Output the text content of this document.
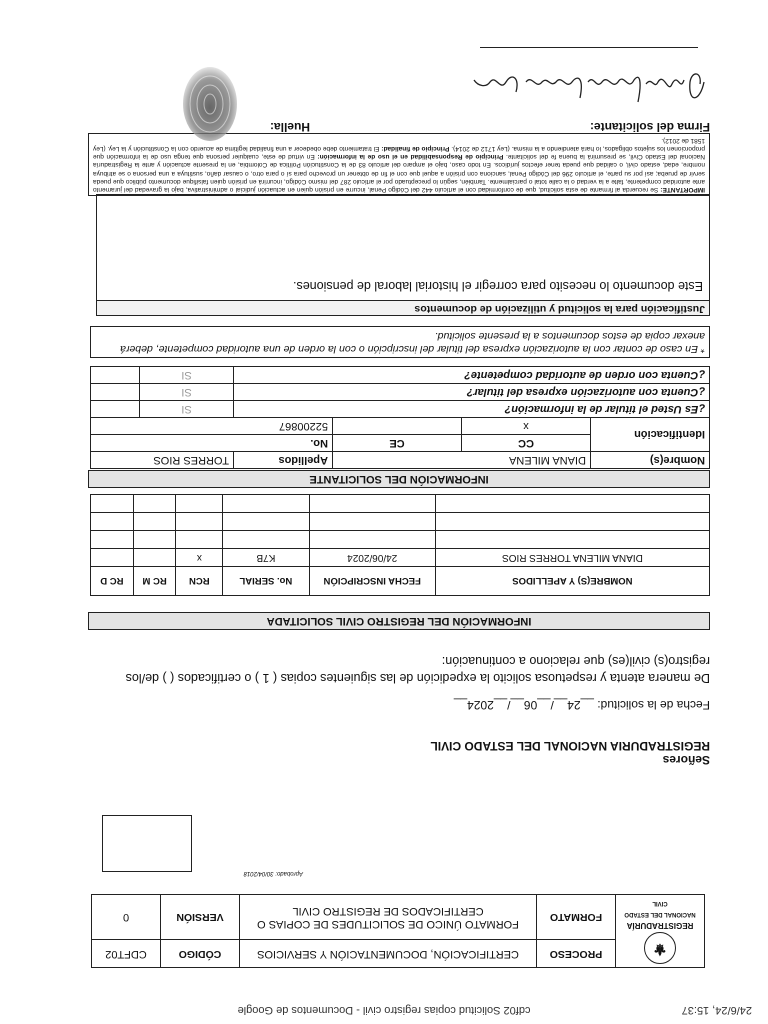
24/6/24, 15:37
cdf02 Solicitud copias registro civil - Documentos de Google
⚜
REGISTRADURÍA
NACIONAL DEL ESTADO CIVIL	PROCESO	CERTIFICACIÓN, DOCUMENTACIÓN Y SERVICIOS	CÓDIGO	CDFT02
	FORMATO	FORMATO ÚNICO DE SOLICITUDES DE COPIAS O CERTIFICADOS DE REGISTRO CIVIL	VERSIÓN	0
Aprobado: 30/04/2018
Señores
REGISTRADURIA NACIONAL DEL ESTADO CIVIL
Fecha de la solicitud: __24__/__06__/__2024__
De manera atenta y respetuosa solicito la expedición de las siguientes copias ( 1 ) o certificados ( ) de/los registro(s) civil(es) que relaciono a continuación:
INFORMACIÓN DEL REGISTRO CIVIL SOLICITADA
NOMBRE(S) Y APELLIDOS	FECHA INSCRIPCIÓN	No. SERIAL	RCN	RC M	RC D
DIANA MILENA TORRES RIOS	24/06/2024	K7B	x		

INFORMACIÓN DEL SOLICITANTE
Nombre(s)	DIANA MILENA		Apellidos	TORRES RIOS	
Identificación	CC	CE	No.		
	x		52200867		
¿Es Usted el titular de la información?				SI	
¿Cuenta con autorización expresa del titular?				SI	
¿Cuenta con orden de autoridad competente?				SI	
* En caso de contar con la autorización expresa del titular del inscripción o con la orden de una autoridad competente, deberá anexar copia de estos documentos a la presente solicitud.
Justificación para la solicitud y utilización de documentos
Este documento lo necesito para corregir el historial laboral de pensiones.
IMPORTANTE: Se recuerda al firmante de esta solicitud, que de conformidad con el artículo 442 del Código Penal, incurre en prisión quien en actuación judicial o administrativa, bajo la gravedad del juramento ante autoridad competente, falte a la verdad o la calle total o parcialmente. También, según lo preceptuado por el artículo 287 del mismo Código, incurrirá en prisión quien falsifique documento público que pueda servir de prueba; así por su parte, el artículo 296 del Código Penal, sanciona con prisión a aquel que con el fin de obtener un provecho para sí o para otro, o causar daño, sustituya a una persona o se atribuya nombre, edad, estado civil, o calidad que pueda tener efectos jurídicos. En todo caso, bajo el amparo del artículo 83 de la Constitución Política de Colombia, en la presente actuación y ante la Registraduría Nacional del Estado Civil, se presumirá la buena fe del solicitante. Principio de Responsabilidad en el uso de la información: En virtud de este, cualquier persona que tenga uso de la información que proporcionen los sujetos obligados, lo hará atendiendo a la misma. (Ley 1712 de 2014). Principio de finalidad: El tratamiento debe obedecer a una finalidad legítima de acuerdo con la Constitución y la Ley. (Ley 1581 de 2012).
Firma del solicitante:
Huella:
